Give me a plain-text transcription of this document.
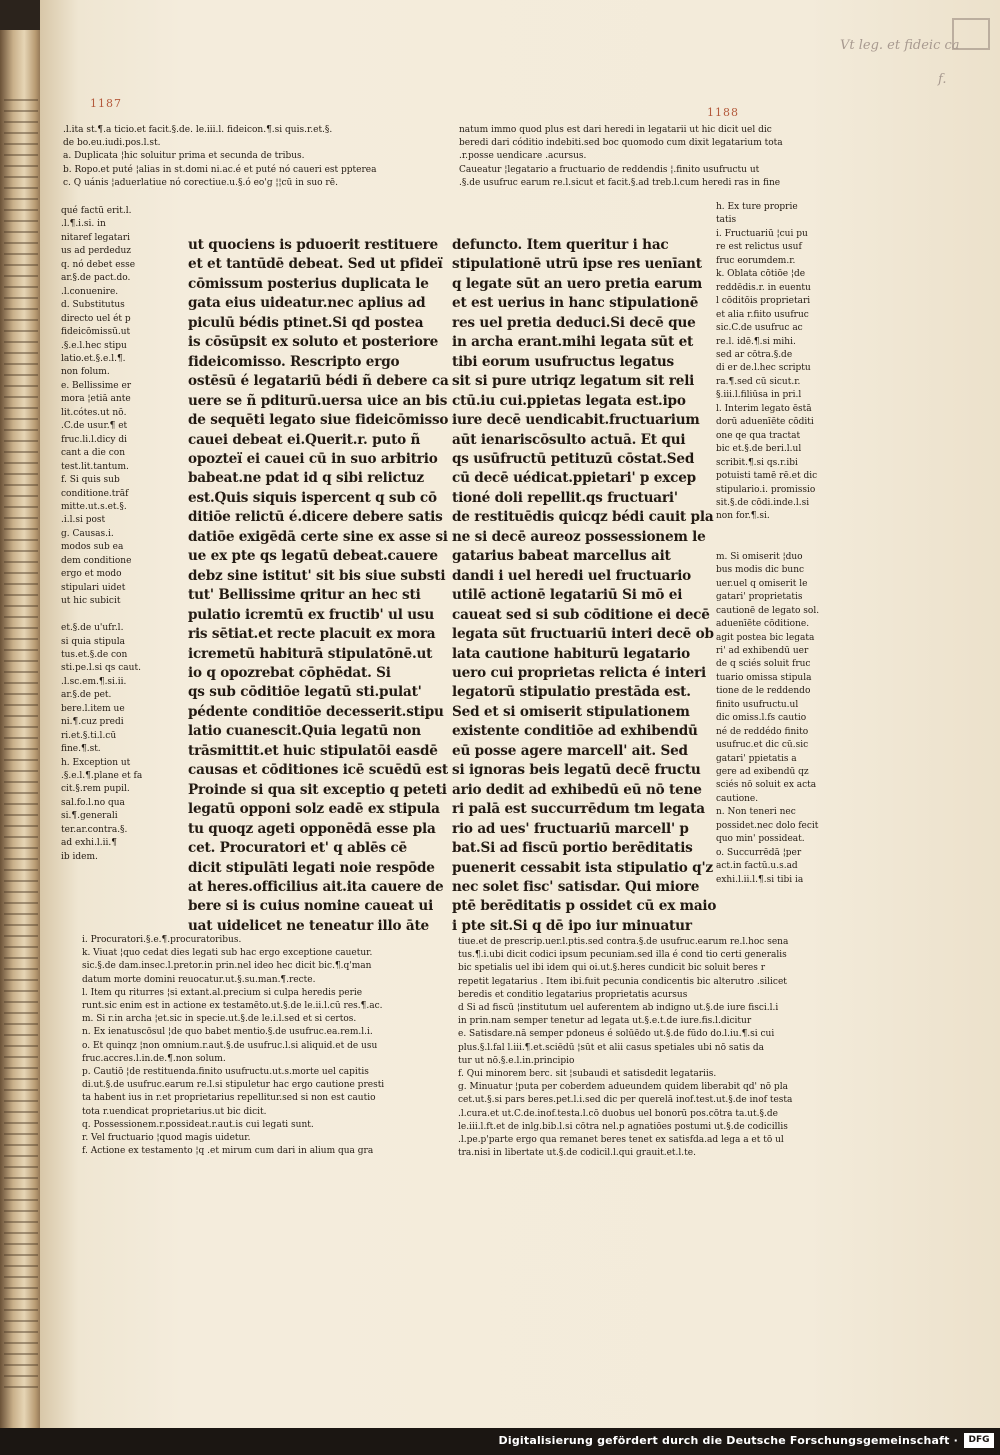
Vt leg. et fideic ca
f.
1187
1188
.l.ita st.¶.a ticio.et facit.§.de. le.iii.l. fideicon.¶.si quis.r.et.§.
de bo.eu.iudi.pos.l.st.
a. Duplicata ¦hic soluitur prima et secunda de tribus.
b. Ropo.et puté ¦alias in st.domi ni.ac.é et puté nó caueri est ppterea
c. Q uánis ¦aduerlatiue nó corectiue.u.§.ó eo'g ¦¦cū in suo rē.
natum immo quod plus est dari heredi in legatarii ut hic dicit uel dic
beredi dari códitio indebiti.sed boc quomodo cum dixit legatarium tota
.r.posse uendicare .acursus.
Caueatur ¦legatario a fructuario de reddendis ¦.finito usufructu ut
.§.de usufruc earum re.l.sicut et facit.§.ad treb.l.cum heredi ras in fine
qué factū erit.l.
.l.¶.i.si. in
nitaref legatari
us ad perdeduz
q. nó debet esse
ar.§.de pact.do.
.l.conuenire.
d. Substitutus
directo uel ét p
fideicōmissū.ut
.§.e.l.hec stipu
latio.et.§.e.l.¶.
non folum.
e. Bellissime er
mora ¦etiā ante
lit.cótes.ut nō.
.C.de usur.¶ et
fruc.li.l.dicy di
cant a die con
test.lit.tantum.
f. Si quis sub
conditione.trāf
mitte.ut.s.et.§.
.i.l.si post
g. Causas.i.
modos sub ea
dem conditione
ergo et modo
stipulari uidet
ut hic subicit

et.§.de u'ufr.l.
si quia stipula
tus.et.§.de con
sti.pe.l.si qs caut.
.l.sc.em.¶.si.ii.
ar.§.de pet.
bere.l.item ue
ni.¶.cuz predi
ri.et.§.ti.l.cū
fine.¶.st.
h. Exception ut
.§.e.l.¶.plane et fa
cit.§.rem pupil.
sal.fo.l.no qua
si.¶.generali
ter.ar.contra.§.
ad exhi.l.ii.¶
ib idem.
ut quociens is pduoerit restituere
et et tantūdē debeat. Sed ut pfideï
cōmissum posterius duplicata le
gata eius uideatur.nec aplius ad
piculū bédis ptinet.Si qd postea
is cōsūpsit ex soluto et posteriore
fideicomisso. Rescripto ergo
ostēsū é legatariū bédi ñ debere ca
uere se ñ pditurū.uersa uice an bis
de sequēti legato siue fideicōmisso
cauei debeat ei.Querit.r. puto ñ
opozteï ei cauei cū in suo arbitrio
babeat.ne pdat id q sibi relictuz
est.Quis siquis ispercent q sub cō
ditiōe relictū é.dicere debere satis
datiōe exigēdā certe sine ex asse si
ue ex pte qs legatū debeat.cauere
debz sine istitut' sit bis siue substi
tut' Bellissime qritur an hec sti
pulatio icremtū ex fructib' ul usu
ris sētiat.et recte placuit ex mora
icremetū habiturā stipulatōnē.ut
io q opozrebat cōphēdat. Si
qs sub cōditiōe legatū sti.pulat'
pédente conditiōe decesserit.stipu
latio cuanescit.Quia legatū non
trāsmittit.et huic stipulatōi easdē
causas et cōditiones icē scuēdū est
Proinde si qua sit exceptio q peteti
legatū opponi solz eadē ex stipula
tu quoqz ageti opponēdā esse pla
cet. Procuratori et' q ablēs cē
dicit stipulāti legati noie respōde
at heres.officilius ait.ita cauere de
bere si is cuius nomine caueat ui
uat uidelicet ne teneatur illo āte
defuncto. Item queritur i hac
stipulationē utrū ipse res uenīant
q legate sūt an uero pretia earum
et est uerius in hanc stipulationē
res uel pretia deduci.Si decē que
in archa erant.mihi legata sūt et
tibi eorum usufructus legatus
sit si pure utriqz legatum sit reli
ctū.iu cui.ppietas legata est.ipo
iure decē uendicabit.fructuarium
aūt ienariscōsulto actuā. Et qui
qs usūfructū petituzū cōstat.Sed
cū decē uédicat.ppietari' p excep
tioné doli repellit.qs fructuari'
de restituēdis quicqz bédi cauit pla
ne si decē aureoz possessionem le
gatarius babeat marcellus ait
dandi i uel heredi uel fructuario
utilē actionē legatariū Si mō ei
caueat sed si sub cōditione ei decē
legata sūt fructuariū interi decē ob
lata cautione habiturū legatario
uero cui proprietas relicta é interi
legatorū stipulatio prestāda est.
Sed et si omiserit stipulationem
existente conditiōe ad exhibendū
eū posse agere marcell' ait. Sed
si ignoras beis legatū decē fructu
ario dedit ad exhibedū eū nō tene
ri palā est succurrēdum tm legata
rio ad ues' fructuariū marcell' p
bat.Si ad fiscū portio berēditatis
puenerit cessabit ista stipulatio q'z
nec solet fisc' satisdar. Qui miore
ptē berēditatis p ossidet cū ex maio
i pte sit.Si q dē ipo iur minuatur
h. Ex ture proprie
tatis
i. Fructuariū ¦cui pu
re est relictus usuf
fruc eorumdem.r.
k. Oblata cōtiōe ¦de
reddēdis.r. in euentu
l cōditōis proprietari
et alia r.fiito usufruc
sic.C.de usufruc ac
re.l. idē.¶.si mihi.
sed ar cōtra.§.de
di er de.l.hec scriptu
ra.¶.sed cū sicut.r.
§.iii.l.filiūsa in pri.l
l. Interim legato ēstā
dorū aduenīēte cōditi
one qe qua tractat
bic et.§.de beri.l.ul
scribit.¶.si qs.r.ibi
potuisti tamē rē.et dic
stipulario.i. promissio
sit.§.de cōdi.inde.l.si
non for.¶.si.

m. Si omiserit ¦duo
bus modis dic bunc
uer.uel q omiserit le
gatari' proprietatis
cautionē de legato sol.
aduenīēte cōditione.
agit postea bic legata
ri' ad exhibendū uer
de q sciés soluit fruc
tuario omissa stipula
tione de le reddendo
finito usufructu.ul
dic omiss.l.fs cautio
né de reddédo finito
usufruc.et dic cū.sic
gatari' ppietatis a
gere ad exibendū qz
sciés nō soluit ex acta
cautione.
n. Non teneri nec
possidet.nec dolo fecit
quo min' possideat.
o. Succurrēdā ¦per
act.in factū.u.s.ad
exhi.l.ii.l.¶.si tibi ia
i. Procuratori.§.e.¶.procuratoribus.
k. Viuat ¦quo cedat dies legati sub hac ergo exceptione cauetur.
sic.§.de dam.insec.l.pretor.in prin.nel ideo hec dicit bic.¶.q'man
datum morte domini reuocatur.ut.§.su.man.¶.recte.
l. Item qu riturres ¦si extant.al.precium si culpa heredis perie
runt.sic enim est in actione ex testamēto.ut.§.de le.ii.l.cū res.¶.ac.
m. Si r.in archa ¦et.sic in specie.ut.§.de le.i.l.sed et si certos.
n. Ex ienatuscōsul ¦de quo babet mentio.§.de usufruc.ea.rem.l.i.
o. Et quinqz ¦non omnium.r.aut.§.de usufruc.l.si aliquid.et de usu
fruc.accres.l.in.de.¶.non solum.
p. Cautiō ¦de restituenda.finito usufructu.ut.s.morte uel capitis
di.ut.§.de usufruc.earum re.l.si stipuletur hac ergo cautione presti
ta habent ius in r.et proprietarius repellitur.sed si non est cautio
tota r.uendicat proprietarius.ut bic dicit.
q. Possessionem.r.possideat.r.aut.is cui legati sunt.
r. Vel fructuario ¦quod magis uidetur.
f. Actione ex testamento ¦q .et mirum cum dari in alium qua gra
tiue.et de prescrip.uer.l.ptis.sed contra.§.de usufruc.earum re.l.hoc sena
tus.¶.i.ubi dicit codici ipsum pecuniam.sed illa é cond tio certi generalis
bic spetialis uel ibi idem qui oi.ut.§.heres cundicit bic soluit beres r
repetit legatarius . Item ibi.fuit pecunia condicentis bic alterutro .silicet
beredis et conditio legatarius proprietatis acursus
d Si ad fiscū ¦institutum uel auferentem ab indigno ut.§.de iure fisci.l.i
in prin.nam semper tenetur ad legata ut.§.e.t.de iure.fis.l.dicitur
e. Satisdare.nā semper pdoneus é solūēdo ut.§.de fūdo do.l.iu.¶.si cui
plus.§.l.fal l.iii.¶.et.sciēdū ¦sūt et alii casus spetiales ubi nō satis da
tur ut nō.§.e.l.in.principio
f. Qui minorem berc. sit ¦subaudi et satisdedit legatariis.
g. Minuatur ¦puta per coberdem adueundem quidem liberabit qd' nō pla
cet.ut.§.si pars beres.pet.l.i.sed dic per querelā inof.test.ut.§.de inof testa
.l.cura.et ut.C.de.inof.testa.l.cō duobus uel bonorū pos.cōtra ta.ut.§.de
le.iii.l.ft.et de inlg.bib.l.si cōtra nel.p agnatiōes postumi ut.§.de codicillis
.l.pe.p'parte ergo qua remanet beres tenet ex satisfda.ad lega a et tō ul
tra.nisi in libertate ut.§.de codicil.l.qui grauit.et.l.te.
Digitalisierung gefördert durch die Deutsche Forschungsgemeinschaft ·	DFG
